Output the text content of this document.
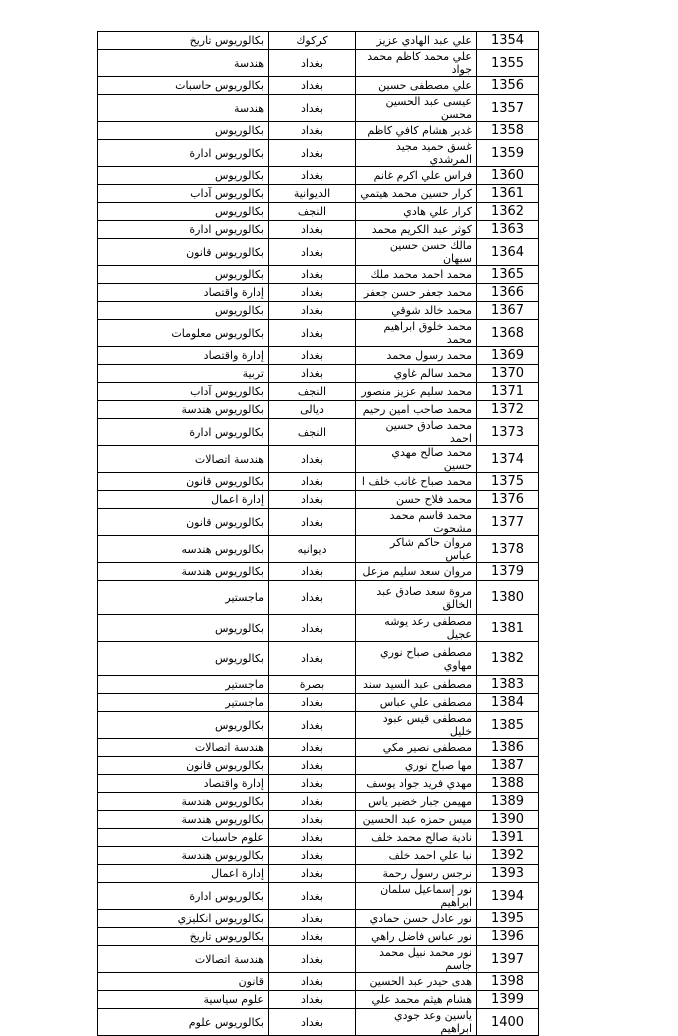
بكالوريوس تاريخ	كركوك	علي عبد الهادي عزيز	1354
هندسة	بغداد	علي محمد كاظم محمد جواد	1355
بكالوريوس حاسبات	بغداد	علي مصطفى حسين	1356
هندسة	بغداد	عيسى عبد الحسين محسن	1357
بكالوريوس	بغداد	غدير هشام كافي كاظم	1358
بكالوريوس ادارة	بغداد	غسق حميد مجيد المرشدي	1359
بكالوريوس	بغداد	فراس علي اكرم غانم	1360
بكالوريوس آداب	الديوانية	كرار حسين محمد هيتمي	1361
بكالوريوس	النجف	كرار علي هادي	1362
بكالوريوس ادارة	بغداد	كوثر عبد الكريم محمد	1363
بكالوريوس قانون	بغداد	مالك حسن حسين سبهان	1364
بكالوريوس	بغداد	محمد احمد محمد ملك	1365
إدارة واقتصاد	بغداد	محمد جعفر حسن جعفر	1366
بكالوريوس	بغداد	محمد خالد شوقي	1367
بكالوريوس معلومات	بغداد	محمد خلوق ابراهيم محمد	1368
إدارة واقتصاد	بغداد	محمد رسول محمد	1369
تربية	بغداد	محمد سالم غاوي	1370
بكالوريوس آداب	النجف	محمد سليم عزيز منصور	1371
بكالوريوس هندسة	ديالى	محمد صاحب امين رحيم	1372
بكالوريوس ادارة	النجف	محمد صادق حسين احمد	1373
هندسة اتصالات	بغداد	محمد صالح مهدي حسين	1374
بكالوريوس قانون	بغداد	محمد صباح غانب خلف ا	1375
إدارة اعمال	بغداد	محمد فلاح حسن	1376
بكالوريوس قانون	بغداد	محمد قاسم محمد مشحوت	1377
بكالوريوس هندسه	ديوانيه	مروان حاكم شاكر عباس	1378
بكالوريوس هندسة	بغداد	مروان سعد سليم مزعل	1379
ماجستير	بغداد	مروة سعد صادق عبد الخالق	1380
بكالوريوس	بغداد	مصطفى رعد يوشه عجيل	1381
بكالوريوس	بغداد	مصطفى صباح نوري مهاوي	1382
ماجستير	بصرة	مصطفى عبد السيد سند	1383
ماجستير	بغداد	مصطفى علي عباس	1384
بكالوريوس	بغداد	مصطفى قيس عبود خليل	1385
هندسة اتصالات	بغداد	مصطفى نصير مكي	1386
بكالوريوس قانون	بغداد	مها صباح نوري	1387
إدارة واقتصاد	بغداد	مهدي فريد جواد يوسف	1388
بكالوريوس هندسة	بغداد	مهيمن جبار خضير ياس	1389
بكالوريوس هندسة	بغداد	ميس حمزه عبد الحسين	1390
علوم حاسبات	بغداد	نادية صالح محمد خلف	1391
بكالوريوس هندسة	بغداد	نبا علي احمد خلف	1392
إدارة اعمال	بغداد	نرجس رسول رحمة	1393
بكالوريوس ادارة	بغداد	نور إسماعيل سلمان ابراهيم	1394
بكالوريوس انكليزي	بغداد	نور عادل حسن حمادي	1395
بكالوريوس تاريخ	بغداد	نور عباس فاضل راهي	1396
هندسة اتصالات	بغداد	نور محمد نبيل محمد جاسم	1397
قانون	بغداد	هدى حيدر عبد الحسين	1398
علوم سياسية	بغداد	هشام هيثم محمد علي	1399
بكالوريوس علوم	بغداد	ياسين وعد جودي ابراهيم	1400
